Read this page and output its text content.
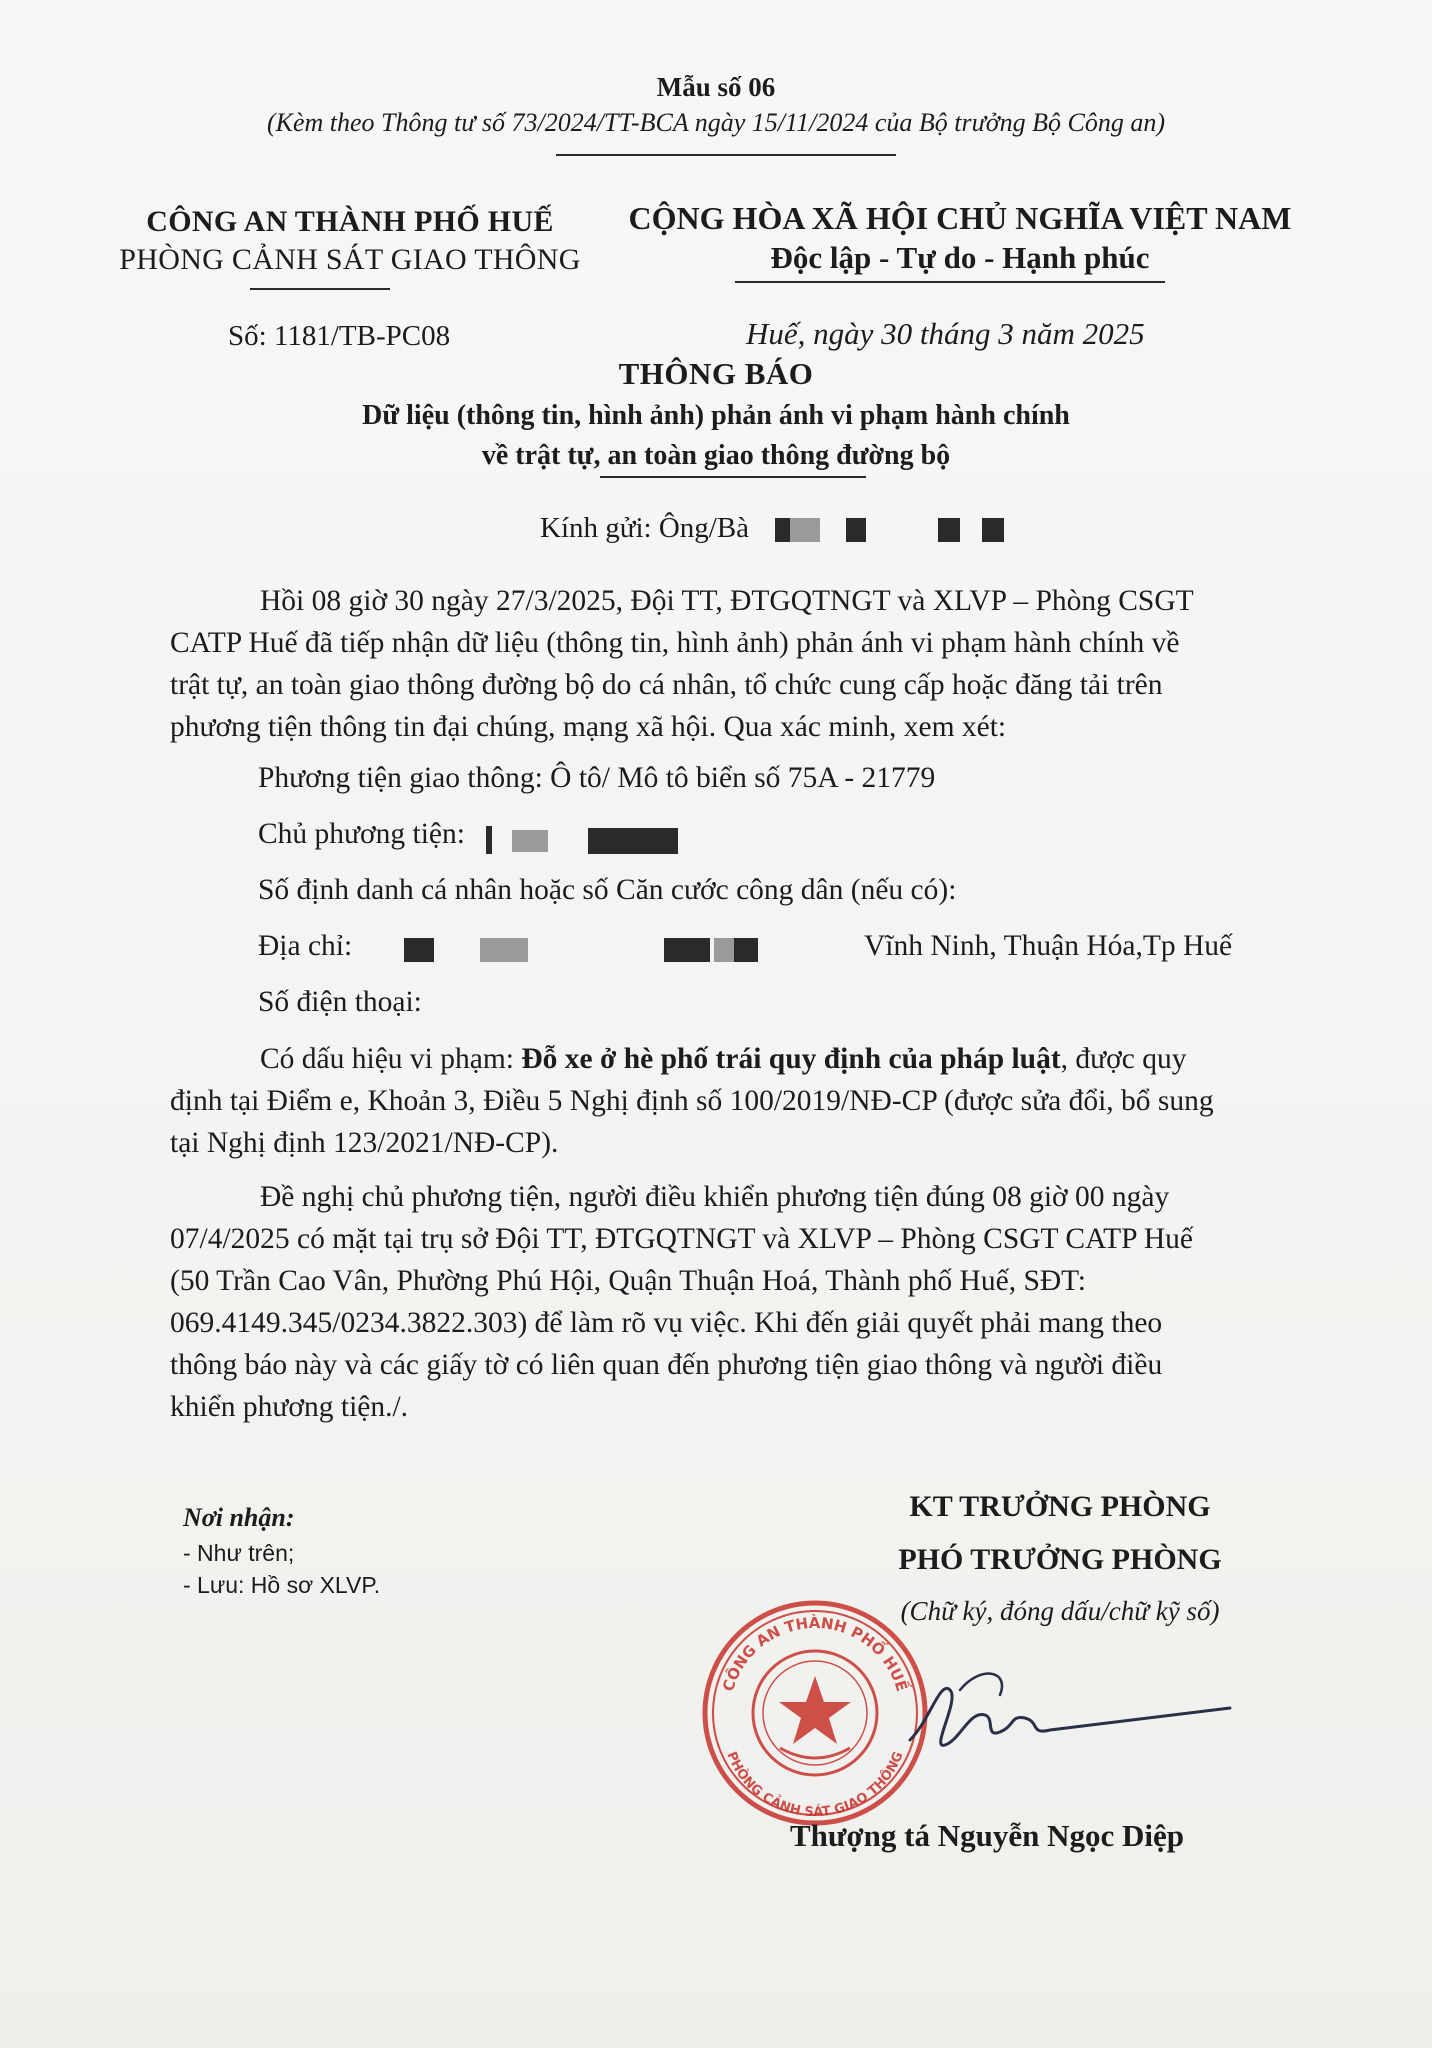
Mẫu số 06
(Kèm theo Thông tư số 73/2024/TT-BCA ngày 15/11/2024 của Bộ trưởng Bộ Công an)
CÔNG AN THÀNH PHỐ HUẾ
PHÒNG CẢNH SÁT GIAO THÔNG
CỘNG HÒA XÃ HỘI CHỦ NGHĨA VIỆT NAM
Độc lập - Tự do - Hạnh phúc
Số: 1181/TB-PC08	Huế, ngày 30 tháng 3 năm 2025
THÔNG BÁO
Dữ liệu (thông tin, hình ảnh) phản ánh vi phạm hành chính
về trật tự, an toàn giao thông đường bộ
Kính gửi: Ông/Bà
Hồi 08 giờ 30 ngày 27/3/2025, Đội TT, ĐTGQTNGT và XLVP – Phòng CSGT
CATP Huế đã tiếp nhận dữ liệu (thông tin, hình ảnh) phản ánh vi phạm hành chính về
trật tự, an toàn giao thông đường bộ do cá nhân, tổ chức cung cấp hoặc đăng tải trên
phương tiện thông tin đại chúng, mạng xã hội. Qua xác minh, xem xét:
Phương tiện giao thông: Ô tô/ Mô tô biển số 75A - 21779
Chủ phương tiện:
Số định danh cá nhân hoặc số Căn cước công dân (nếu có):
Địa chỉ:	Vĩnh Ninh, Thuận Hóa,Tp Huế
Số điện thoại:
Có dấu hiệu vi phạm: Đỗ xe ở hè phố trái quy định của pháp luật, được quy
định tại Điểm e, Khoản 3, Điều 5 Nghị định số 100/2019/NĐ-CP (được sửa đổi, bổ sung
tại Nghị định 123/2021/NĐ-CP).
Đề nghị chủ phương tiện, người điều khiển phương tiện đúng 08 giờ 00 ngày
07/4/2025 có mặt tại trụ sở Đội TT, ĐTGQTNGT và XLVP – Phòng CSGT CATP Huế
(50 Trần Cao Vân, Phường Phú Hội, Quận Thuận Hoá, Thành phố Huế, SĐT:
069.4149.345/0234.3822.303) để làm rõ vụ việc. Khi đến giải quyết phải mang theo
thông báo này và các giấy tờ có liên quan đến phương tiện giao thông và người điều
khiển phương tiện./.
Nơi nhận:
- Như trên;
- Lưu: Hồ sơ XLVP.
KT TRƯỞNG PHÒNG
PHÓ TRƯỞNG PHÒNG
(Chữ ký, đóng dấu/chữ kỹ số)
CÔNG AN THÀNH PHỐ HUẾ
PHÒNG CẢNH SÁT GIAO THÔNG
Thượng tá Nguyễn Ngọc Diệp
